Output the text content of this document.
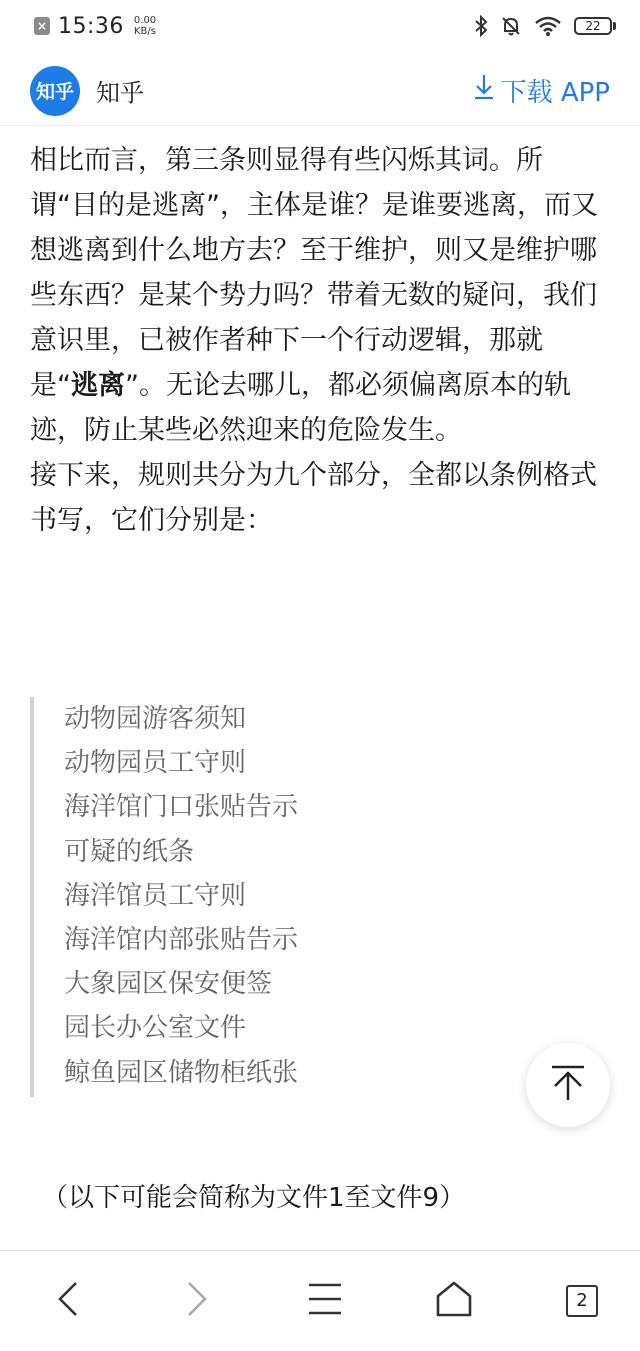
× 15:36 0.00
KB/s	22
知乎 知乎	下载 APP

相比而言，第三条则显得有些闪烁其词。所谓“目的是逃离”，主体是谁？是谁要逃离，而又想逃离到什么地方去？至于维护，则又是维护哪些东西？是某个势力吗？带着无数的疑问，我们意识里，已被作者种下一个行动逻辑，那就是“逃离”。无论去哪儿，都必须偏离原本的轨迹，防止某些必然迎来的危险发生。

接下来，规则共分为九个部分，全都以条例格式书写，它们分别是：

动物园游客须知
动物园员工守则
海洋馆门口张贴告示
可疑的纸条
海洋馆员工守则
海洋馆内部张贴告示
大象园区保安便签
园长办公室文件
鲸鱼园区储物柜纸张
（以下可能会简称为文件1至文件9）
2
